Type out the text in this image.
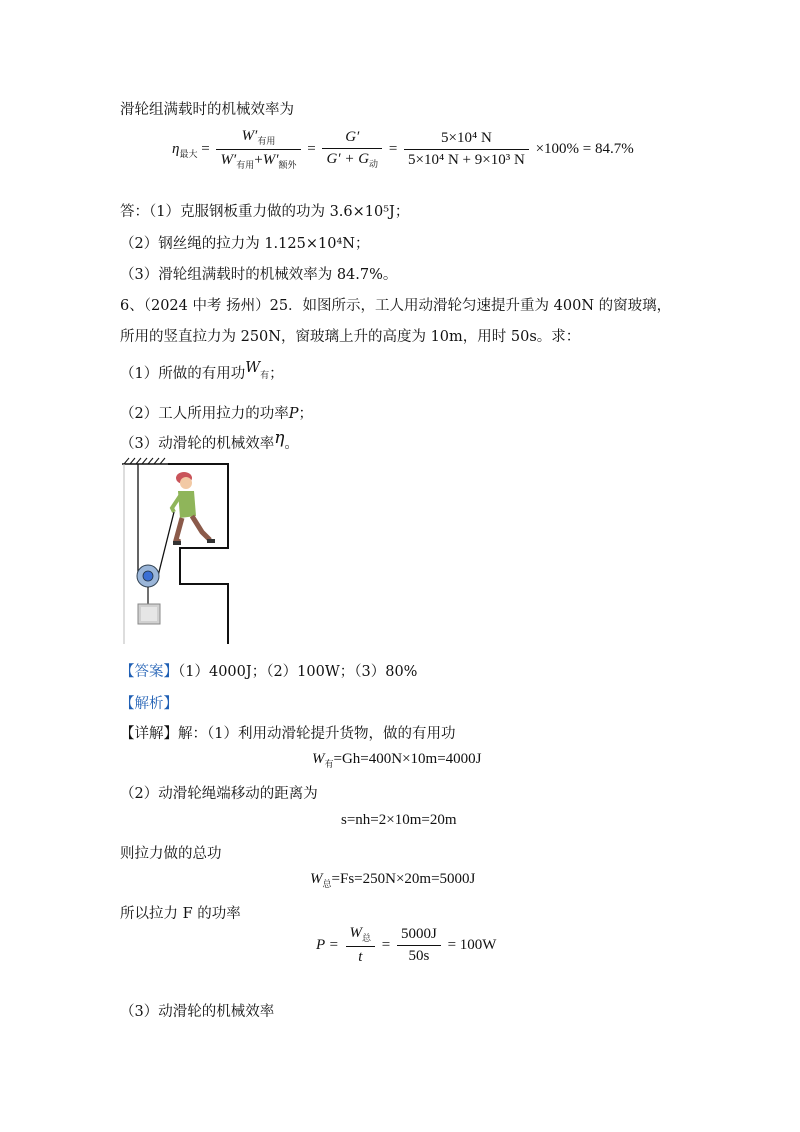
滑轮组满载时的机械效率为
$\eta_{最大} = \frac{W'_{有用}}{W'_{有用}+W'_{额外}} = \frac{G'}{G' + G_动} = \frac{\text{5×10⁴ N}}{\text{5×10⁴ N + 9×10³ N}} \times 100\% = 84.7\%$
答：（1）克服钢板重力做的功为 3.6×10⁵J；
（2）钢丝绳的拉力为 1.125×10⁴N；
（3）滑轮组满载时的机械效率为 84.7%。
6、（2024 中考 扬州）25．如图所示，工人用动滑轮匀速提升重为 400N 的窗玻璃，
所用的竖直拉力为 250N，窗玻璃上升的高度为 10m，用时 50s。求：
（1）所做的有用功$W_有$；
（2）工人所用拉力的功率P；
（3）动滑轮的机械效率η。
【答案】（1）4000J；（2）100W；（3）80%
【解析】
【详解】解：（1）利用动滑轮提升货物，做的有用功
$W_有=Gh=400N\times 10m=4000J$
（2）动滑轮绳端移动的距离为
s=nh=2×10m=20m
则拉力做的总功
$W_总=Fs=250N\times 20m=5000J$
所以拉力 F 的功率
$P = \frac{W_总}{t} = \frac{5000J}{50s} = 100W$
（3）动滑轮的机械效率
